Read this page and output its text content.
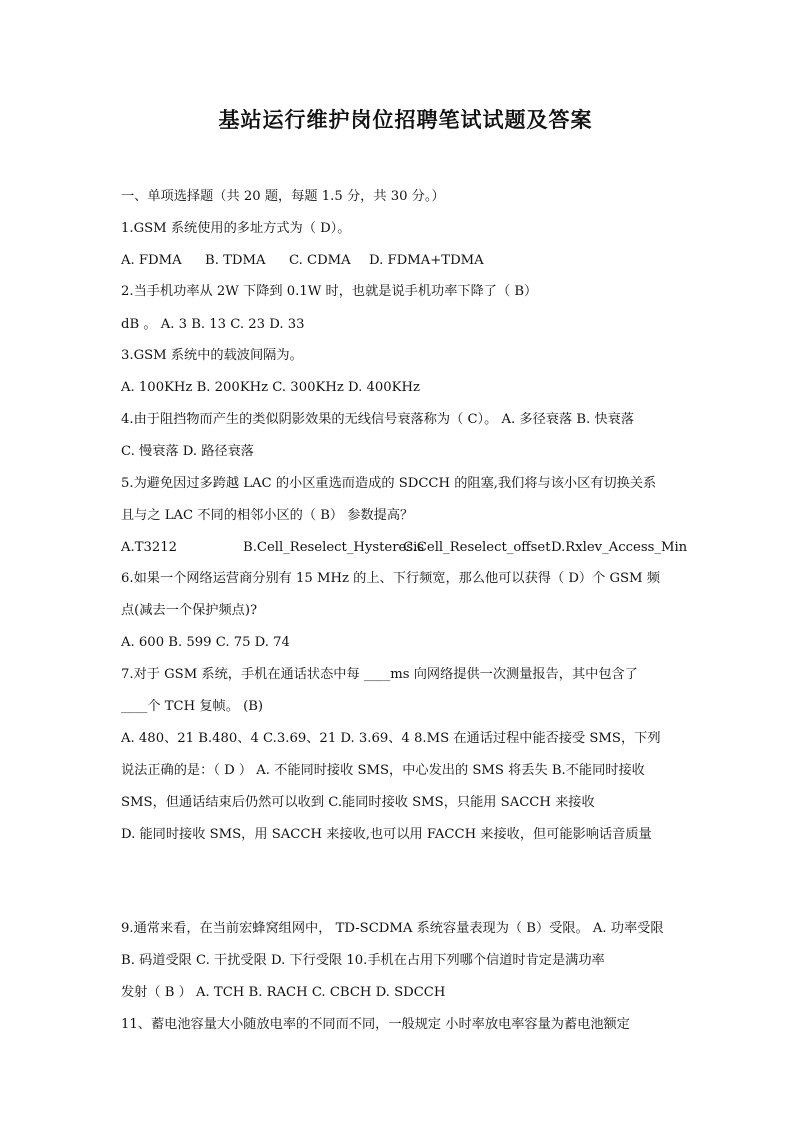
基站运行维护岗位招聘笔试试题及答案
一、单项选择题（共 20 题，每题 1.5 分，共 30 分。）
1.GSM 系统使用的多址方式为（ D）。
A. FDMA B. TDMA C. CDMA D. FDMA+TDMA
2.当手机功率从 2W 下降到 0.1W 时，也就是说手机功率下降了（ B）
dB 。 A. 3 B. 13 C. 23 D. 33
3.GSM 系统中的载波间隔为。
A. 100KHz B. 200KHz C. 300KHz D. 400KHz
4.由于阻挡物而产生的类似阴影效果的无线信号衰落称为（ C）。 A. 多径衰落 B. 快衰落
C. 慢衰落 D. 路径衰落
5.为避免因过多跨越 LAC 的小区重选而造成的 SDCCH 的阻塞,我们将与该小区有切换关系
且与之 LAC 不同的相邻小区的（ B） 参数提高？
A.T3212	B.Cell_Reselect_HysteresisC.Cell_Reselect_offsetD.Rxlev_Access_Min
6.如果一个网络运营商分别有 15 MHz 的上、下行频宽，那么他可以获得（ D）个 GSM 频
点(减去一个保护频点)?
A. 600 B. 599 C. 75 D. 74
7.对于 GSM 系统，手机在通话状态中每 ____ms 向网络提供一次测量报告，其中包含了
____个 TCH 复帧。 (B)
A. 480、21 B.480、4 C.3.69、21 D. 3.69、4 8.MS 在通话过程中能否接受 SMS，下列
说法正确的是：（ D ） A. 不能同时接收 SMS，中心发出的 SMS 将丢失 B.不能同时接收
SMS，但通话结束后仍然可以收到 C.能同时接收 SMS，只能用 SACCH 来接收
D. 能同时接收 SMS，用 SACCH 来接收,也可以用 FACCH 来接收，但可能影响话音质量
9.通常来看，在当前宏蜂窝组网中， TD-SCDMA 系统容量表现为（ B）受限。 A. 功率受限
B. 码道受限 C. 干扰受限 D. 下行受限 10.手机在占用下列哪个信道时肯定是满功率
发射（ B ） A. TCH B. RACH C. CBCH D. SDCCH
11、蓄电池容量大小随放电率的不同而不同，一般规定 小时率放电率容量为蓄电池额定
